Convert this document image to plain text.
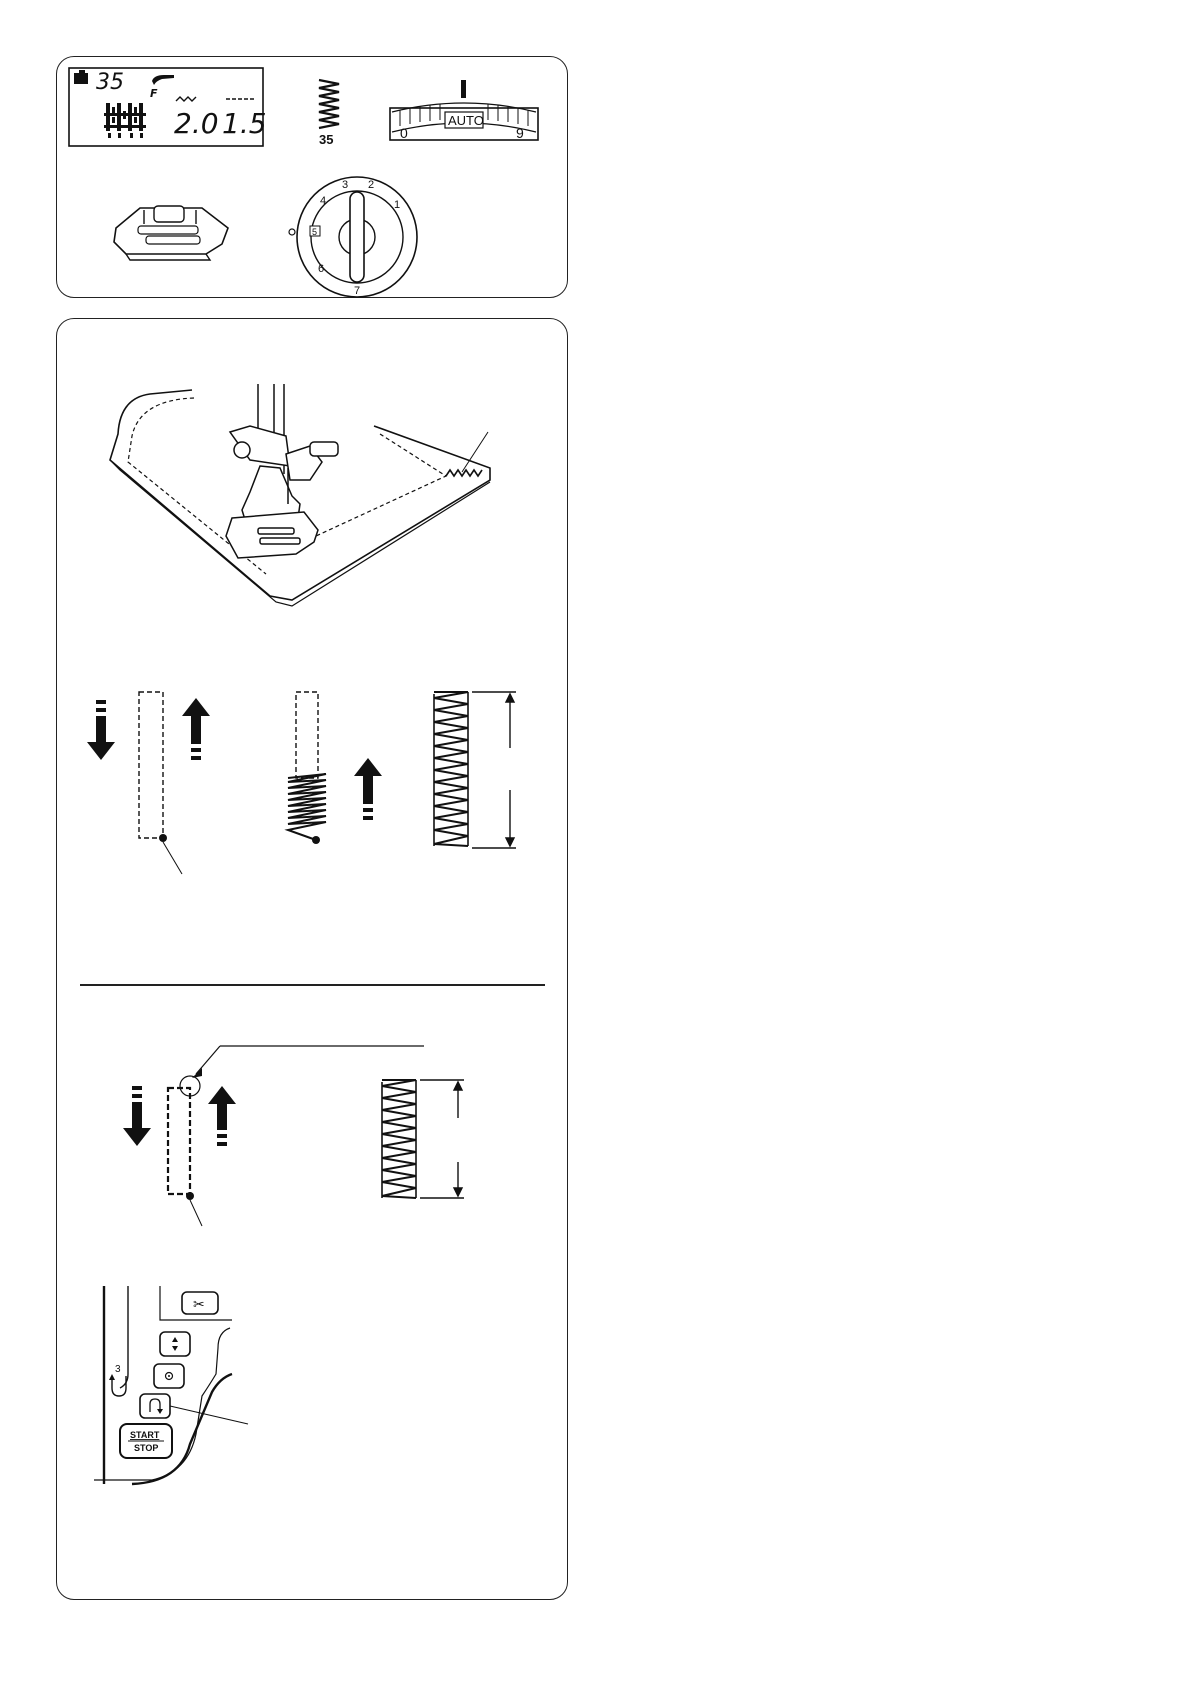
35 F
2.0 1.5	35
AUTO
0	9
3 2
1
4
6
7
5
3
✂
START
STOP
